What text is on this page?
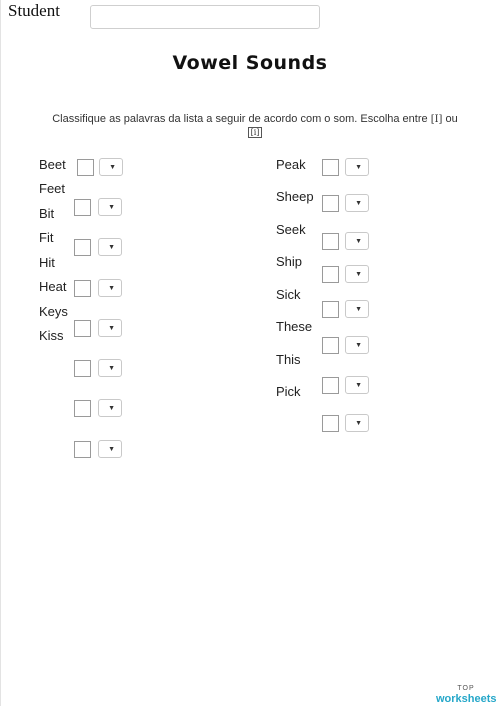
Student
Vowel Sounds
Classifique as palavras da lista a seguir de acordo com o som. Escolha entre [I] ou
[i]
Beet
Feet
Bit
Fit
Hit
Heat
Keys
Kiss
▼
▼
▼
▼
▼
▼
▼
▼
Peak
Sheep
Seek
Ship
Sick
These
This
Pick
▼
▼
▼
▼
▼
▼
▼
▼
TOP
worksheets
